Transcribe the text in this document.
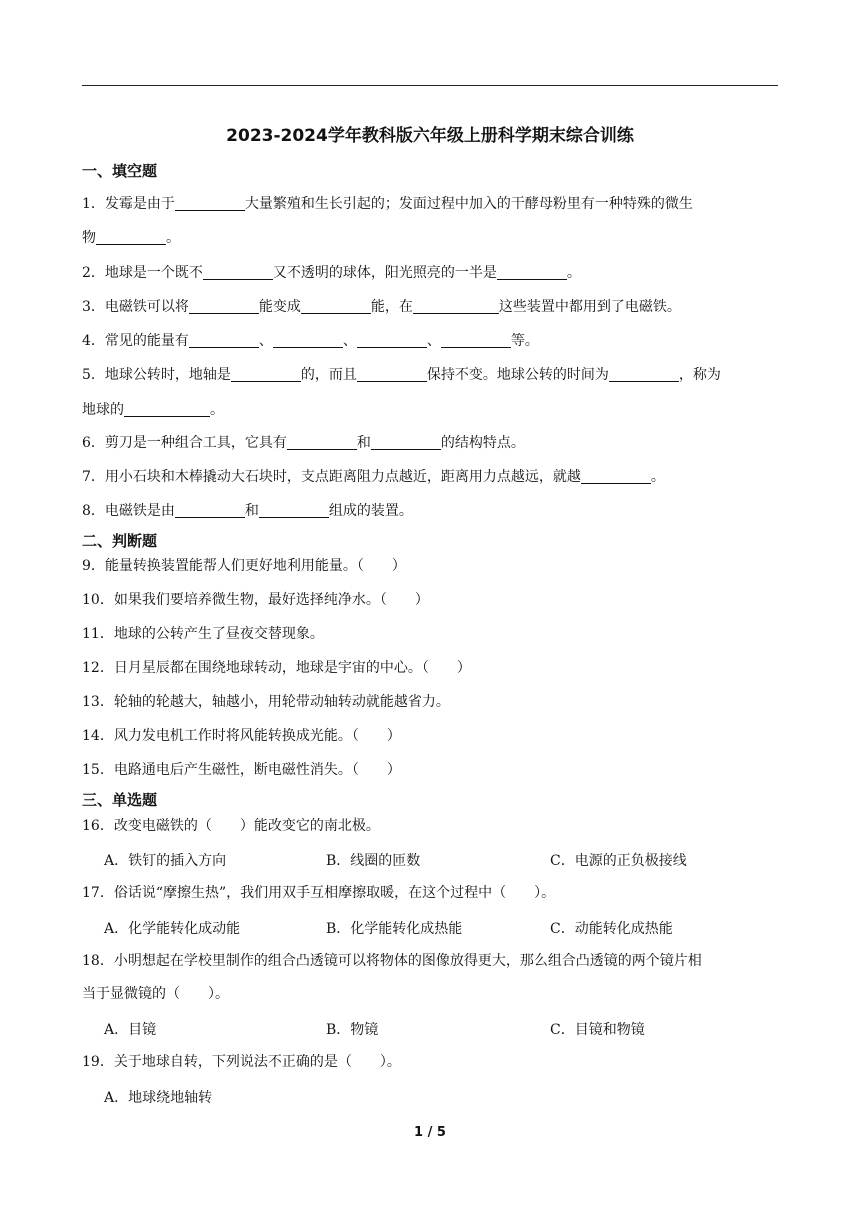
2023-2024学年教科版六年级上册科学期末综合训练
一、填空题
1．发霉是由于	大量繁殖和生长引起的；发面过程中加入的干酵母粉里有一种特殊的微生
物	。
2．地球是一个既不	又不透明的球体，阳光照亮的一半是	。
3．电磁铁可以将	能变成	能，在	这些装置中都用到了电磁铁。
4．常见的能量有	、	、	、	等。
5．地球公转时，地轴是	的，而且	保持不变。地球公转的时间为	，称为
地球的	。
6．剪刀是一种组合工具，它具有	和	的结构特点。
7．用小石块和木棒撬动大石块时，支点距离阻力点越近，距离用力点越远，就越	。
8．电磁铁是由	和	组成的装置。
二、判断题
9．能量转换装置能帮人们更好地利用能量。（　　）
10．如果我们要培养微生物，最好选择纯净水。（　　）
11．地球的公转产生了昼夜交替现象。
12．日月星辰都在围绕地球转动，地球是宇宙的中心。（　　）
13．轮轴的轮越大，轴越小，用轮带动轴转动就能越省力。
14．风力发电机工作时将风能转换成光能。（　　）
15．电路通电后产生磁性，断电磁性消失。（　　）
三、单选题
16．改变电磁铁的（　　）能改变它的南北极。
A．铁钉的插入方向	B．线圈的匝数	C．电源的正负极接线
17．俗话说“摩擦生热”，我们用双手互相摩擦取暖，在这个过程中（　　）。
A．化学能转化成动能	B．化学能转化成热能	C．动能转化成热能
18．小明想起在学校里制作的组合凸透镜可以将物体的图像放得更大，那么组合凸透镜的两个镜片相
当于显微镜的（　　）。
A．目镜	B．物镜	C．目镜和物镜
19．关于地球自转，下列说法不正确的是（　　）。
A．地球绕地轴转
1 / 5
